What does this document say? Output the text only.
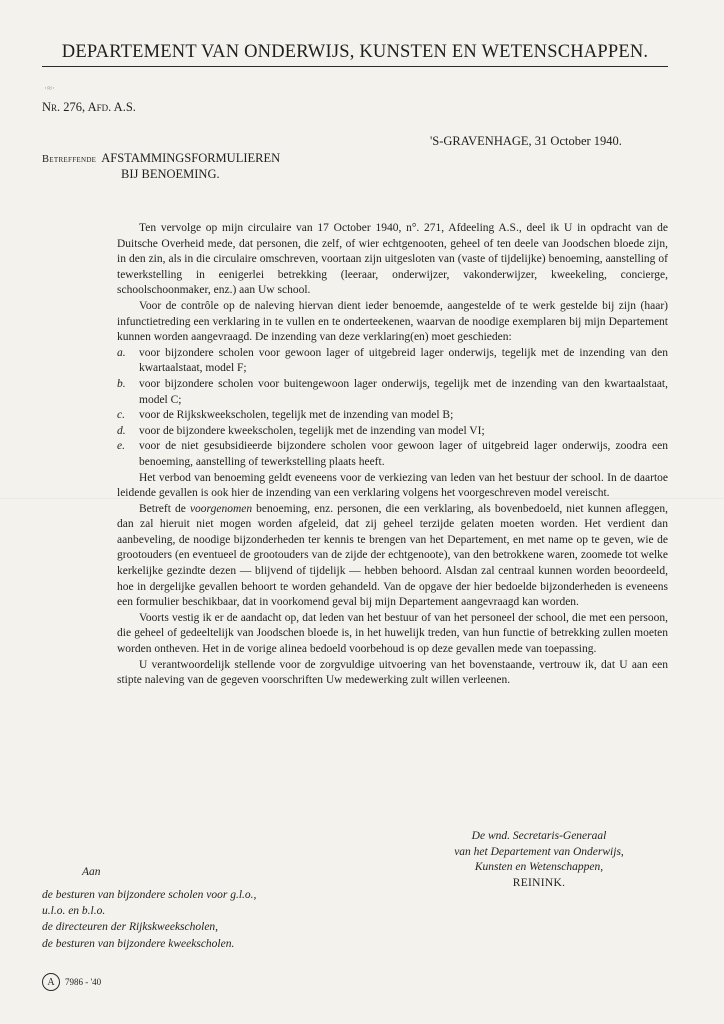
DEPARTEMENT VAN ONDERWIJS, KUNSTEN EN WETENSCHAPPEN.
·≈·
Nr. 276, Afd. A.S.
'S-GRAVENHAGE, 31 October 1940.
Betreffende AFSTAMMINGSFORMULIEREN
BIJ BENOEMING.

Ten vervolge op mijn circulaire van 17 October 1940, n°. 271, Afdeeling A.S., deel ik U in opdracht van de Duitsche Overheid mede, dat personen, die zelf, of wier echtgenooten, geheel of ten deele van Joodschen bloede zijn, in den zin, als in die circulaire omschreven, voortaan zijn uitgesloten van (vaste of tijdelijke) benoeming, aanstelling of tewerkstelling in eenigerlei betrekking (leeraar, onderwijzer, vakonderwijzer, kweekeling, concierge, schoolschoonmaker, enz.) aan Uw school.

Voor de contrôle op de naleving hiervan dient ieder benoemde, aangestelde of te werk gestelde bij zijn (haar) infunctietreding een verklaring in te vullen en te onderteekenen, waarvan de noodige exemplaren bij mijn Departement kunnen worden aangevraagd. De inzending van deze verklaring(en) moet geschieden:

a.	voor bijzondere scholen voor gewoon lager of uitgebreid lager onderwijs, tegelijk met de inzending van den kwartaalstaat, model F;
b.	voor bijzondere scholen voor buitengewoon lager onderwijs, tegelijk met de inzending van den kwartaalstaat, model C;
c.	voor de Rijkskweekscholen, tegelijk met de inzending van model B;
d.	voor de bijzondere kweekscholen, tegelijk met de inzending van model VI;
e.	voor de niet gesubsidieerde bijzondere scholen voor gewoon lager of uitgebreid lager onderwijs, zoodra een benoeming, aanstelling of tewerkstelling plaats heeft.

Het verbod van benoeming geldt eveneens voor de verkiezing van leden van het bestuur der school. In de daartoe leidende gevallen is ook hier de inzending van een verklaring volgens het voorgeschreven model vereischt.

Betreft de voorgenomen benoeming, enz. personen, die een verklaring, als bovenbedoeld, niet kunnen afleggen, dan zal hieruit niet mogen worden afgeleid, dat zij geheel terzijde gelaten moeten worden. Het verdient dan aanbeveling, de noodige bijzonderheden ter kennis te brengen van het Departement, en met name op te geven, wie de grootouders (en eventueel de grootouders van de zijde der echtgenoote), van den betrokkene waren, zoomede tot welke kerkelijke gezindte dezen — blijvend of tijdelijk — hebben behoord. Alsdan zal centraal kunnen worden beoordeeld, hoe in dergelijke gevallen behoort te worden gehandeld. Van de opgave der hier bedoelde bijzonderheden is eveneens een formulier beschikbaar, dat in voorkomend geval bij mijn Departement aangevraagd kan worden.

Voorts vestig ik er de aandacht op, dat leden van het bestuur of van het personeel der school, die met een persoon, die geheel of gedeeltelijk van Joodschen bloede is, in het huwelijk treden, van hun functie of betrekking zullen moeten worden ontheven. Het in de vorige alinea bedoeld voorbehoud is op deze gevallen mede van toepassing.

U verantwoordelijk stellende voor de zorgvuldige uitvoering van het bovenstaande, vertrouw ik, dat U aan een stipte naleving van de gegeven voorschriften Uw medewerking zult willen verleenen.

De wnd. Secretaris-Generaal
van het Departement van Onderwijs,
Kunsten en Wetenschappen,
REININK.
Aan
de besturen van bijzondere scholen voor g.l.o.,
u.l.o. en b.l.o.
de directeuren der Rijkskweekscholen,
de besturen van bijzondere kweekscholen.
A	7986 - '40
